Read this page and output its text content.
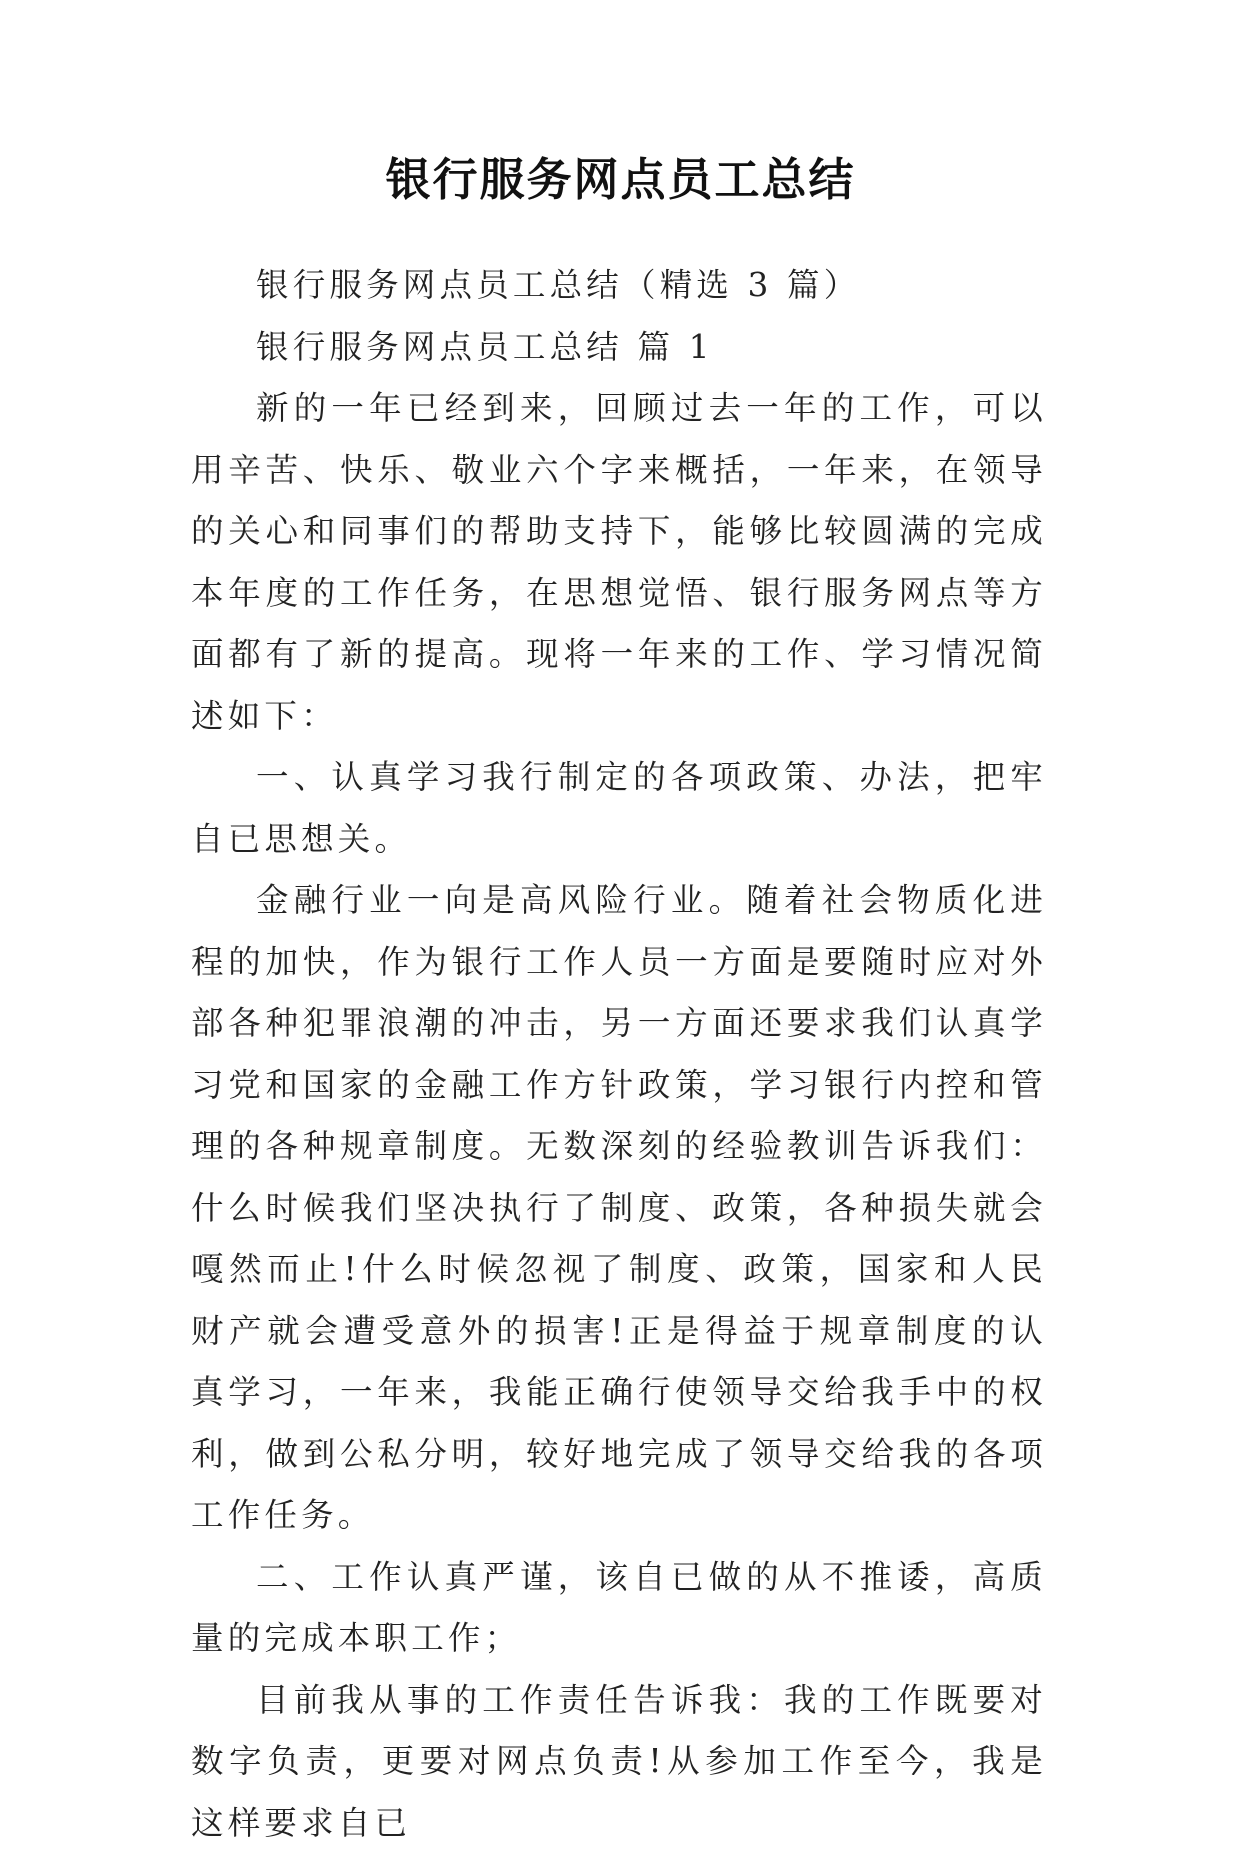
银行服务网点员工总结

银行服务网点员工总结（精选 3 篇）

银行服务网点员工总结 篇 1

新的一年已经到来，回顾过去一年的工作，可以用辛苦、快乐、敬业六个字来概括，一年来，在领导的关心和同事们的帮助支持下，能够比较圆满的完成本年度的工作任务，在思想觉悟、银行服务网点等方面都有了新的提高。现将一年来的工作、学习情况简述如下：

一、认真学习我行制定的各项政策、办法，把牢自已思想关。

金融行业一向是高风险行业。随着社会物质化进程的加快，作为银行工作人员一方面是要随时应对外部各种犯罪浪潮的冲击，另一方面还要求我们认真学习党和国家的金融工作方针政策，学习银行内控和管理的各种规章制度。无数深刻的经验教训告诉我们：什么时候我们坚决执行了制度、政策，各种损失就会嘎然而止!什么时候忽视了制度、政策，国家和人民财产就会遭受意外的损害!正是得益于规章制度的认真学习，一年来，我能正确行使领导交给我手中的权利，做到公私分明，较好地完成了领导交给我的各项工作任务。

二、工作认真严谨，该自已做的从不推诿，高质量的完成本职工作；

目前我从事的工作责任告诉我：我的工作既要对数字负责，更要对网点负责!从参加工作至今，我是这样要求自已
